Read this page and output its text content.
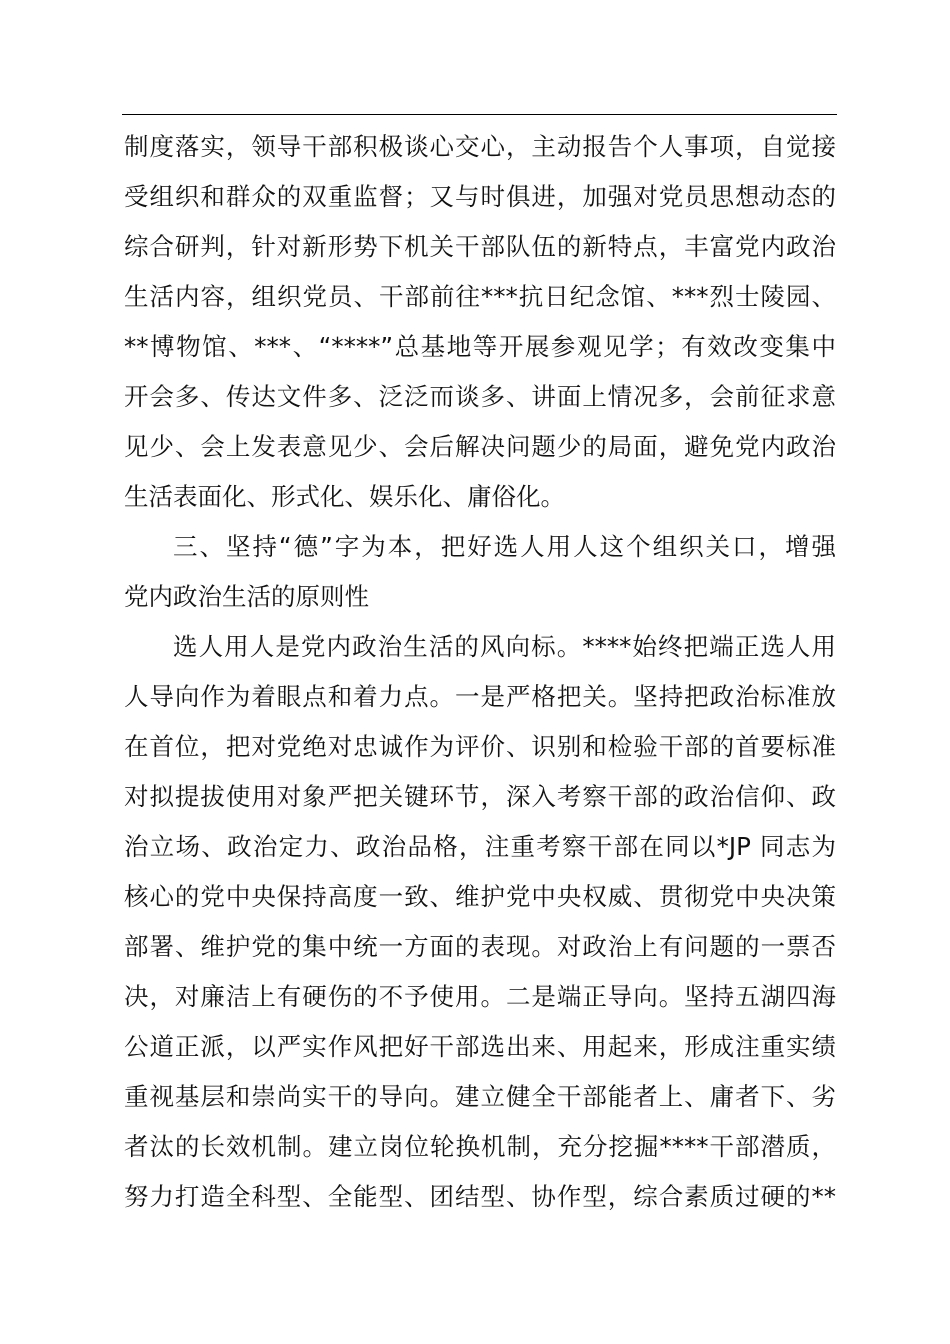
制度落实，领导干部积极谈心交心，主动报告个人事项，自觉接
受组织和群众的双重监督；又与时俱进，加强对党员思想动态的
综合研判，针对新形势下机关干部队伍的新特点，丰富党内政治
生活内容，组织党员、干部前往***抗日纪念馆、***烈士陵园、
**博物馆、***、“****”总基地等开展参观见学；有效改变集中
开会多、传达文件多、泛泛而谈多、讲面上情况多，会前征求意
见少、会上发表意见少、会后解决问题少的局面，避免党内政治
生活表面化、形式化、娱乐化、庸俗化。
三、坚持“德”字为本，把好选人用人这个组织关口，增强
党内政治生活的原则性
选人用人是党内政治生活的风向标。****始终把端正选人用
人导向作为着眼点和着力点。一是严格把关。坚持把政治标准放
在首位，把对党绝对忠诚作为评价、识别和检验干部的首要标准
对拟提拔使用对象严把关键环节，深入考察干部的政治信仰、政
治立场、政治定力、政治品格，注重考察干部在同以*JP 同志为
核心的党中央保持高度一致、维护党中央权威、贯彻党中央决策
部署、维护党的集中统一方面的表现。对政治上有问题的一票否
决，对廉洁上有硬伤的不予使用。二是端正导向。坚持五湖四海
公道正派，以严实作风把好干部选出来、用起来，形成注重实绩
重视基层和崇尚实干的导向。建立健全干部能者上、庸者下、劣
者汰的长效机制。建立岗位轮换机制，充分挖掘****干部潜质，
努力打造全科型、全能型、团结型、协作型，综合素质过硬的**
